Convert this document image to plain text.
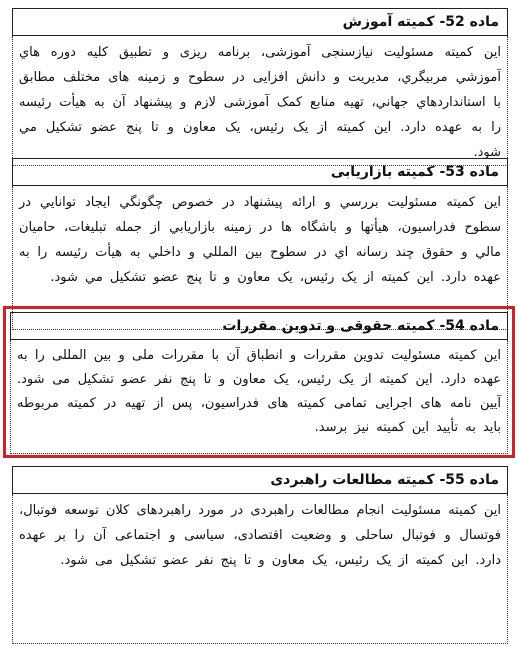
ماده 52- کمیته آموزش
این کمیته مسئولیت نیازسنجی آموزشی، برنامه ریزی و تطبیق کلیه دوره هاي آموزشي مربیگري، مدیریت و دانش افزایی در سطوح و زمینه های مختلف مطابق با استانداردهاي جهاني، تهیه منابع کمک آموزشی لازم و پیشنهاد آن به هیأت رئیسه را به عهده دارد. این کمیته از یک رئیس، یک معاون و تا پنج عضو تشکیل مي شود.
ماده 53- کمیته بازاریابی
این کمیته مسئولیت بررسي و ارائه پیشنهاد در خصوص چگونگي ایجاد توانایي در سطوح فدراسیون، هیأتها و باشگاه ها در زمینه بازاریابي از جمله تبلیغات، حامیان مالي و حقوق چند رسانه اي در سطوح بین المللي و داخلي به هیأت رئیسه را به عهده دارد. این کمیته از یک رئیس، یک معاون و تا پنج عضو تشکیل مي شود.
ماده 54- کمیته حقوقی و تدوین مقررات
این کمیته مسئولیت تدوین مقررات و انطباق آن با مقررات ملی و بین المللی را به عهده دارد. این کمیته از یک رئیس، یک معاون و تا پنج نفر عضو تشکیل می شود. آیین نامه های اجرایی تمامی کمیته های فدراسیون، پس از تهیه در کمیته مربوطه باید به تأیید این کمیته نیز برسد.
ماده 55- کمیته مطالعات راهبردی
این کمیته مسئولیت انجام مطالعات راهبردی در مورد راهبردهای کلان توسعه فوتبال، فوتسال و فوتبال ساحلی و وضعیت اقتصادی، سیاسی و اجتماعی آن را بر عهده دارد. این کمیته از یک رئیس، یک معاون و تا پنج نفر عضو تشکیل می شود.
